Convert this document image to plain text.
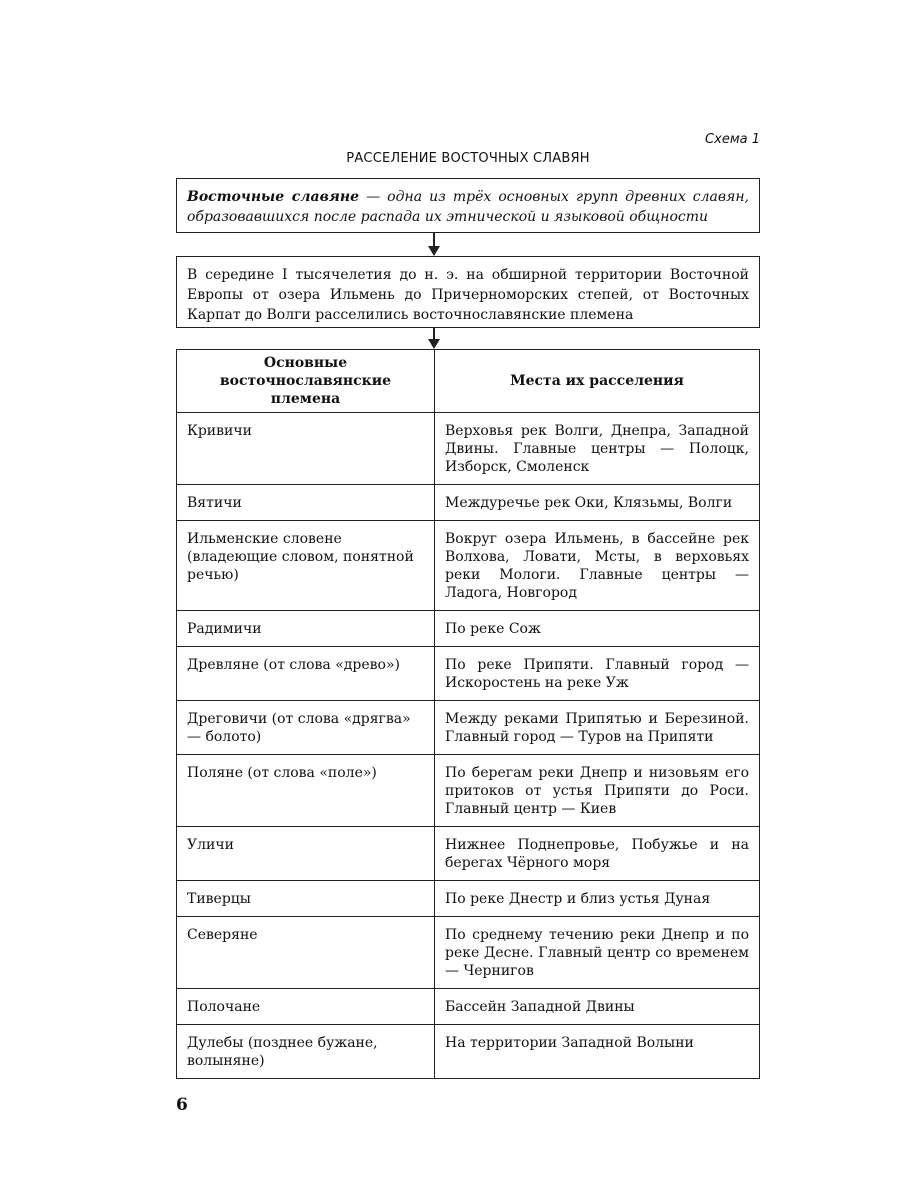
Схема 1
РАССЕЛЕНИЕ ВОСТОЧНЫХ СЛАВЯН
Восточные славяне — одна из трёх основных групп древних славян, образовавшихся после распада их этнической и языковой общности
В середине I тысячелетия до н. э. на обширной территории Восточной Европы от озера Ильмень до Причерноморских степей, от Восточных Карпат до Волги расселились восточнославянские племена
Основные восточнославянские племена	Места их расселения
Кривичи	Верховья рек Волги, Днепра, Западной Двины. Главные центры — Полоцк, Изборск, Смоленск
Вятичи	Междуречье рек Оки, Клязьмы, Волги
Ильменские словене (владеющие словом, понятной речью)	Вокруг озера Ильмень, в бассейне рек Волхова, Ловати, Мсты, в верховьях реки Мологи. Главные центры — Ладога, Новгород
Радимичи	По реке Сож
Древляне (от слова «древо»)	По реке Припяти. Главный город — Искоростень на реке Уж
Дреговичи (от слова «дрягва» — болото)	Между реками Припятью и Березиной. Главный город — Туров на Припяти
Поляне (от слова «поле»)	По берегам реки Днепр и низовьям его притоков от устья Припяти до Роси. Главный центр — Киев
Уличи	Нижнее Поднепровье, Побужье и на берегах Чёрного моря
Тиверцы	По реке Днестр и близ устья Дуная
Северяне	По среднему течению реки Днепр и по реке Десне. Главный центр со временем — Чернигов
Полочане	Бассейн Западной Двины
Дулебы (позднее бужане, волыняне)	На территории Западной Волыни
6
